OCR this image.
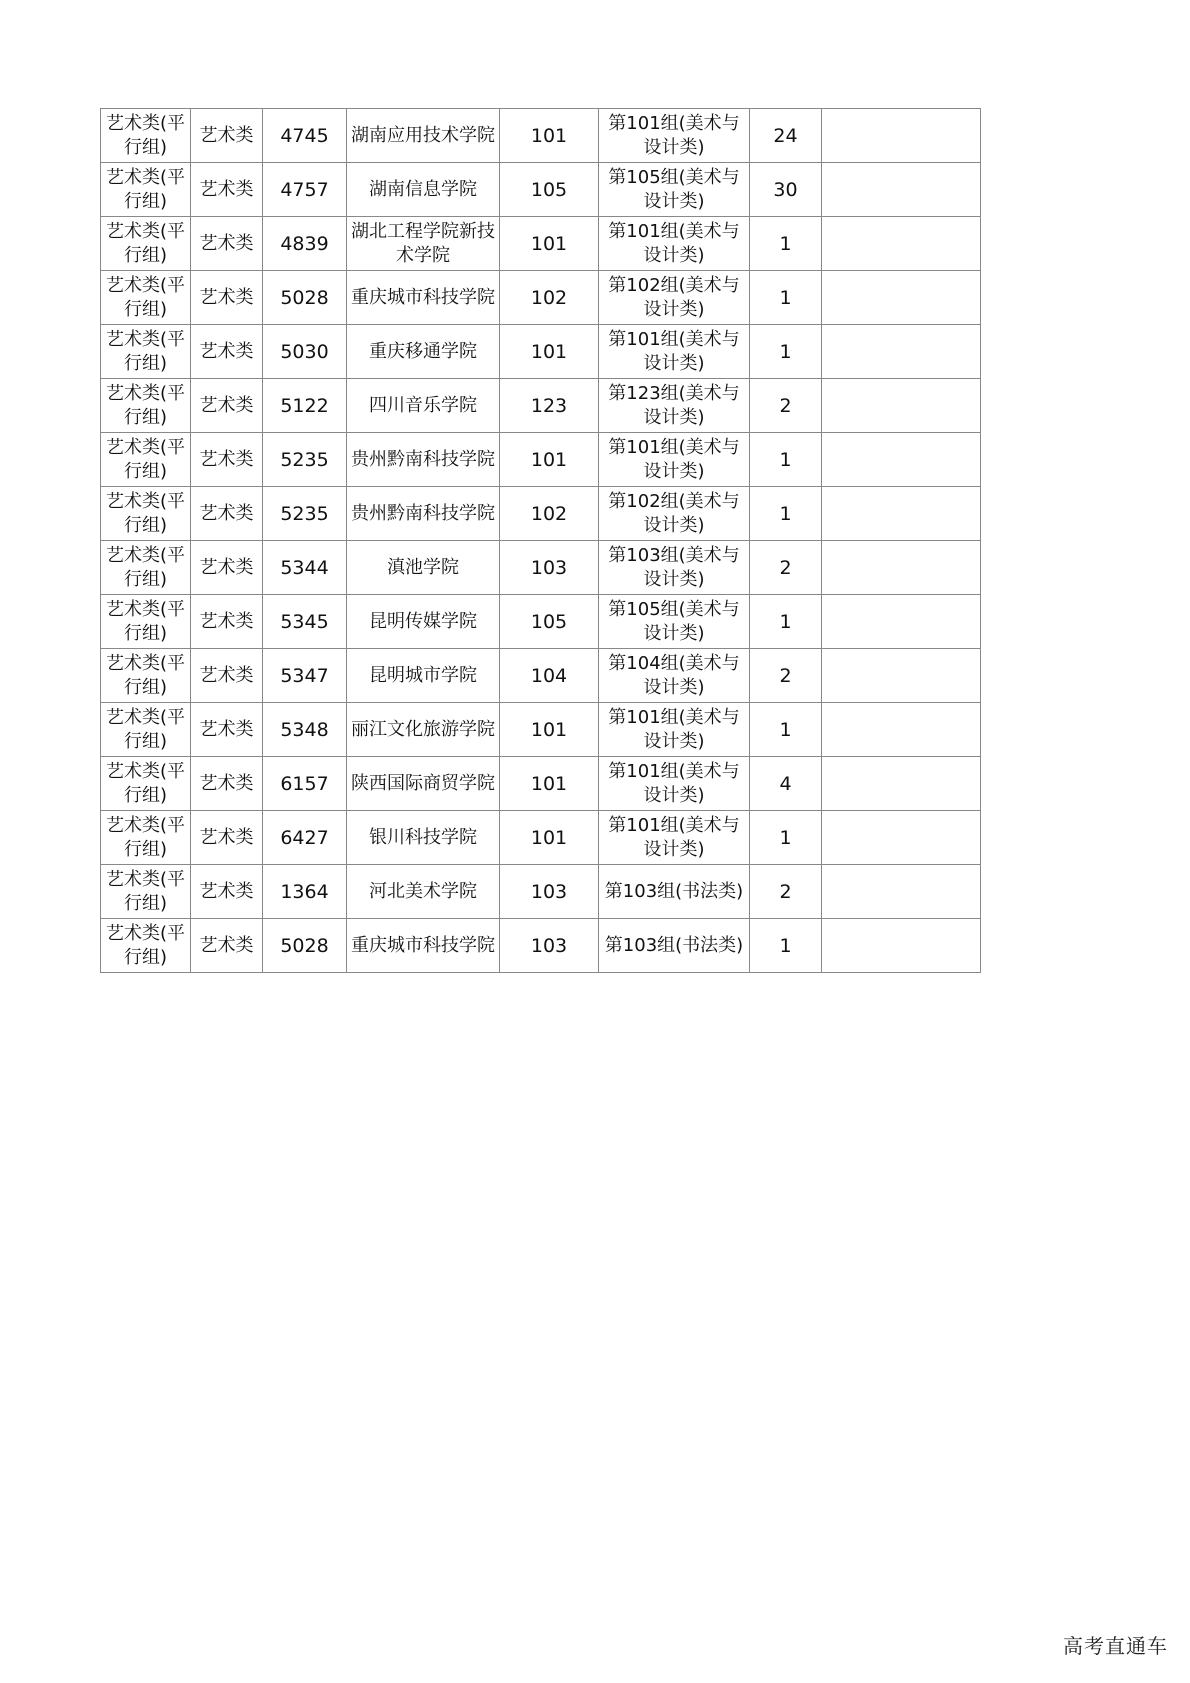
艺术类(平行组)	艺术类	4745	湖南应用技术学院	101	第101组(美术与设计类)	24	
艺术类(平行组)	艺术类	4757	湖南信息学院	105	第105组(美术与设计类)	30	
艺术类(平行组)	艺术类	4839	湖北工程学院新技术学院	101	第101组(美术与设计类)	1	
艺术类(平行组)	艺术类	5028	重庆城市科技学院	102	第102组(美术与设计类)	1	
艺术类(平行组)	艺术类	5030	重庆移通学院	101	第101组(美术与设计类)	1	
艺术类(平行组)	艺术类	5122	四川音乐学院	123	第123组(美术与设计类)	2	
艺术类(平行组)	艺术类	5235	贵州黔南科技学院	101	第101组(美术与设计类)	1	
艺术类(平行组)	艺术类	5235	贵州黔南科技学院	102	第102组(美术与设计类)	1	
艺术类(平行组)	艺术类	5344	滇池学院	103	第103组(美术与设计类)	2	
艺术类(平行组)	艺术类	5345	昆明传媒学院	105	第105组(美术与设计类)	1	
艺术类(平行组)	艺术类	5347	昆明城市学院	104	第104组(美术与设计类)	2	
艺术类(平行组)	艺术类	5348	丽江文化旅游学院	101	第101组(美术与设计类)	1	
艺术类(平行组)	艺术类	6157	陕西国际商贸学院	101	第101组(美术与设计类)	4	
艺术类(平行组)	艺术类	6427	银川科技学院	101	第101组(美术与设计类)	1	
艺术类(平行组)	艺术类	1364	河北美术学院	103	第103组(书法类)	2	
艺术类(平行组)	艺术类	5028	重庆城市科技学院	103	第103组(书法类)	1	
高考直通车
